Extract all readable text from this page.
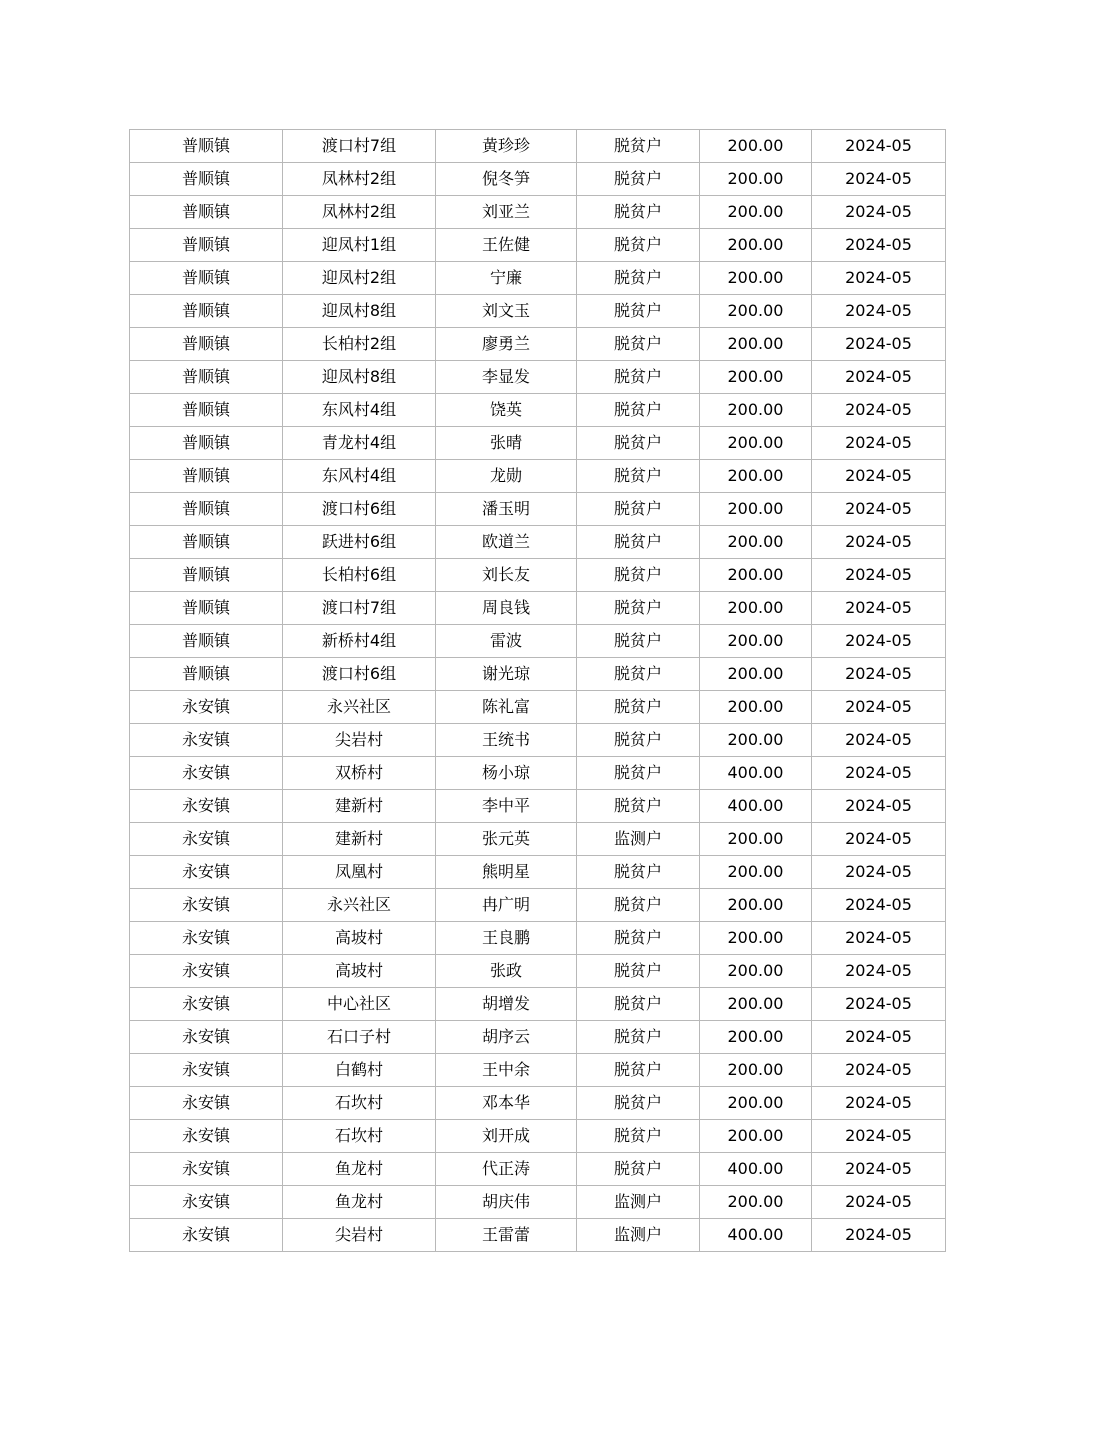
普顺镇	渡口村7组	黄珍珍	脱贫户	200.00	2024-05
普顺镇	凤林村2组	倪冬笋	脱贫户	200.00	2024-05
普顺镇	凤林村2组	刘亚兰	脱贫户	200.00	2024-05
普顺镇	迎凤村1组	王佐健	脱贫户	200.00	2024-05
普顺镇	迎凤村2组	宁廉	脱贫户	200.00	2024-05
普顺镇	迎凤村8组	刘文玉	脱贫户	200.00	2024-05
普顺镇	长柏村2组	廖勇兰	脱贫户	200.00	2024-05
普顺镇	迎凤村8组	李显发	脱贫户	200.00	2024-05
普顺镇	东风村4组	饶英	脱贫户	200.00	2024-05
普顺镇	青龙村4组	张晴	脱贫户	200.00	2024-05
普顺镇	东风村4组	龙勋	脱贫户	200.00	2024-05
普顺镇	渡口村6组	潘玉明	脱贫户	200.00	2024-05
普顺镇	跃进村6组	欧道兰	脱贫户	200.00	2024-05
普顺镇	长柏村6组	刘长友	脱贫户	200.00	2024-05
普顺镇	渡口村7组	周良钱	脱贫户	200.00	2024-05
普顺镇	新桥村4组	雷波	脱贫户	200.00	2024-05
普顺镇	渡口村6组	谢光琼	脱贫户	200.00	2024-05
永安镇	永兴社区	陈礼富	脱贫户	200.00	2024-05
永安镇	尖岩村	王统书	脱贫户	200.00	2024-05
永安镇	双桥村	杨小琼	脱贫户	400.00	2024-05
永安镇	建新村	李中平	脱贫户	400.00	2024-05
永安镇	建新村	张元英	监测户	200.00	2024-05
永安镇	凤凰村	熊明星	脱贫户	200.00	2024-05
永安镇	永兴社区	冉广明	脱贫户	200.00	2024-05
永安镇	高坡村	王良鹏	脱贫户	200.00	2024-05
永安镇	高坡村	张政	脱贫户	200.00	2024-05
永安镇	中心社区	胡增发	脱贫户	200.00	2024-05
永安镇	石口子村	胡序云	脱贫户	200.00	2024-05
永安镇	白鹤村	王中余	脱贫户	200.00	2024-05
永安镇	石坎村	邓本华	脱贫户	200.00	2024-05
永安镇	石坎村	刘开成	脱贫户	200.00	2024-05
永安镇	鱼龙村	代正涛	脱贫户	400.00	2024-05
永安镇	鱼龙村	胡庆伟	监测户	200.00	2024-05
永安镇	尖岩村	王雷蕾	监测户	400.00	2024-05
